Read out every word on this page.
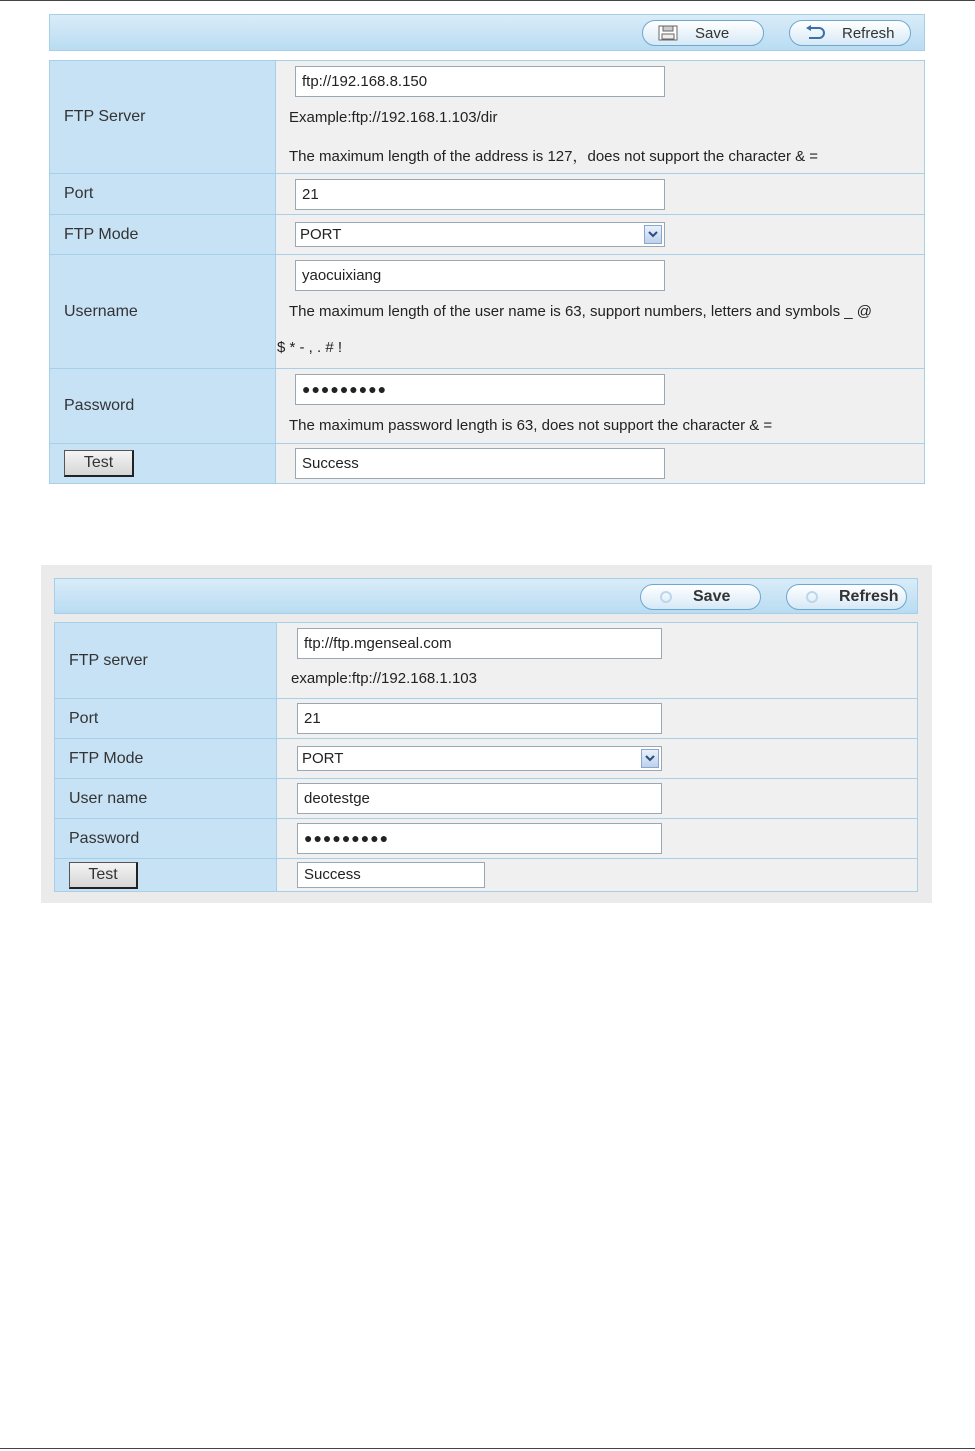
Save	Refresh
FTP Server	ftp://192.168.8.150
Example:ftp://192.168.1.103/dir
The maximum length of the address is 127，does not support the character & =

Port	21

FTP Mode	PORT

Username	yaocuixiang
The maximum length of the user name is 63, support numbers, letters and symbols _ @
$ * - , . # !

Password	●●●●●●●●●
The maximum password length is 63, does not support the character & =

Test	Success
Save	Refresh
FTP server	ftp://ftp.mgenseal.com
example:ftp://192.168.1.103

Port	21

FTP Mode	PORT

User name	deotestge

Password	●●●●●●●●●

Test	Success
